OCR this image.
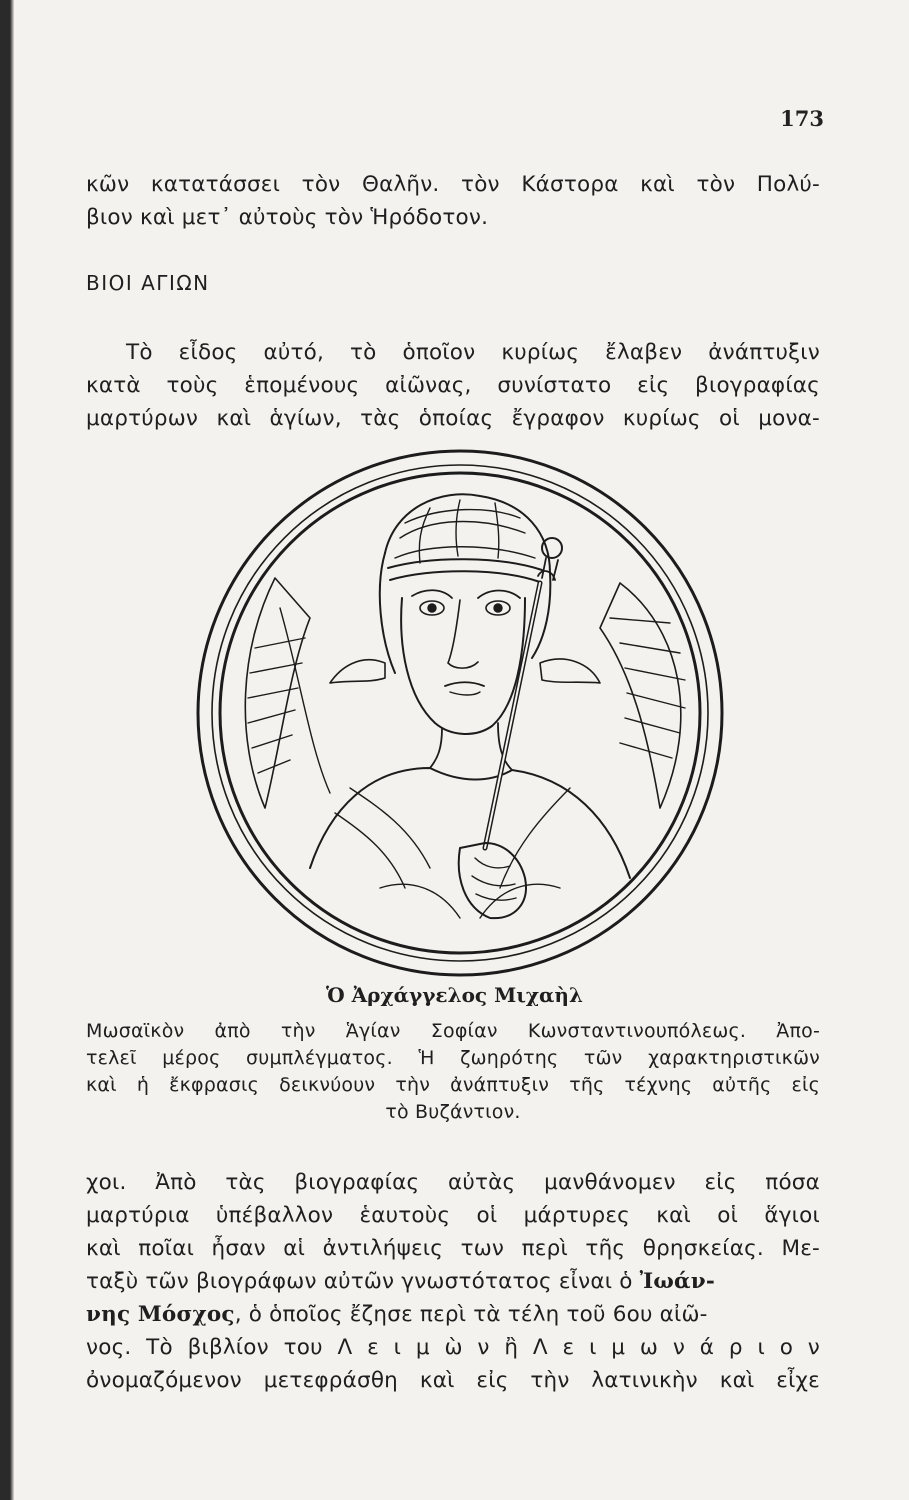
173
κῶν κατατάσσει τὸν Θαλῆν. τὸν Κάστορα καὶ τὸν Πολύ-
βιον καὶ μετ᾽ αὐτοὺς τὸν Ἡρόδοτον.
ΒΙΟΙ ΑΓΙΩΝ
Τὸ εἶδος αὐτό, τὸ ὁποῖον κυρίως ἔλαβεν ἀνάπτυξιν
κατὰ τοὺς ἑπομένους αἰῶνας, συνίστατο εἰς βιογραφίας
μαρτύρων καὶ ἁγίων, τὰς ὁποίας ἔγραφον κυρίως οἱ μονα-
Ὁ Ἀρχάγγελος Μιχαὴλ
Μωσαϊκὸν ἀπὸ τὴν Ἁγίαν Σοφίαν Κωνσταντινουπόλεως. Ἀπο-
τελεῖ μέρος συμπλέγματος. Ἡ ζωηρότης τῶν χαρακτηριστικῶν
καὶ ἡ ἔκφρασις δεικνύουν τὴν ἀνάπτυξιν τῆς τέχνης αὐτῆς εἰς
τὸ Βυζάντιον.
χοι. Ἀπὸ τὰς βιογραφίας αὐτὰς μανθάνομεν εἰς πόσα
μαρτύρια ὑπέβαλλον ἑαυτοὺς οἱ μάρτυρες καὶ οἱ ἅγιοι
καὶ ποῖαι ἦσαν αἱ ἀντιλήψεις των περὶ τῆς θρησκείας. Με-
ταξὺ τῶν βιογράφων αὐτῶν γνωστότατος εἶναι ὁ Ἰωάν-
νης Μόσχος, ὁ ὁποῖος ἔζησε περὶ τὰ τέλη τοῦ 6ου αἰῶ-
νος. Τὸ βιβλίον του Λ ε ι μ ὼ ν ἢ Λ ε ι μ ω ν ά ρ ι ο ν
ὀνομαζόμενον μετεφράσθη καὶ εἰς τὴν λατινικὴν καὶ εἶχε
